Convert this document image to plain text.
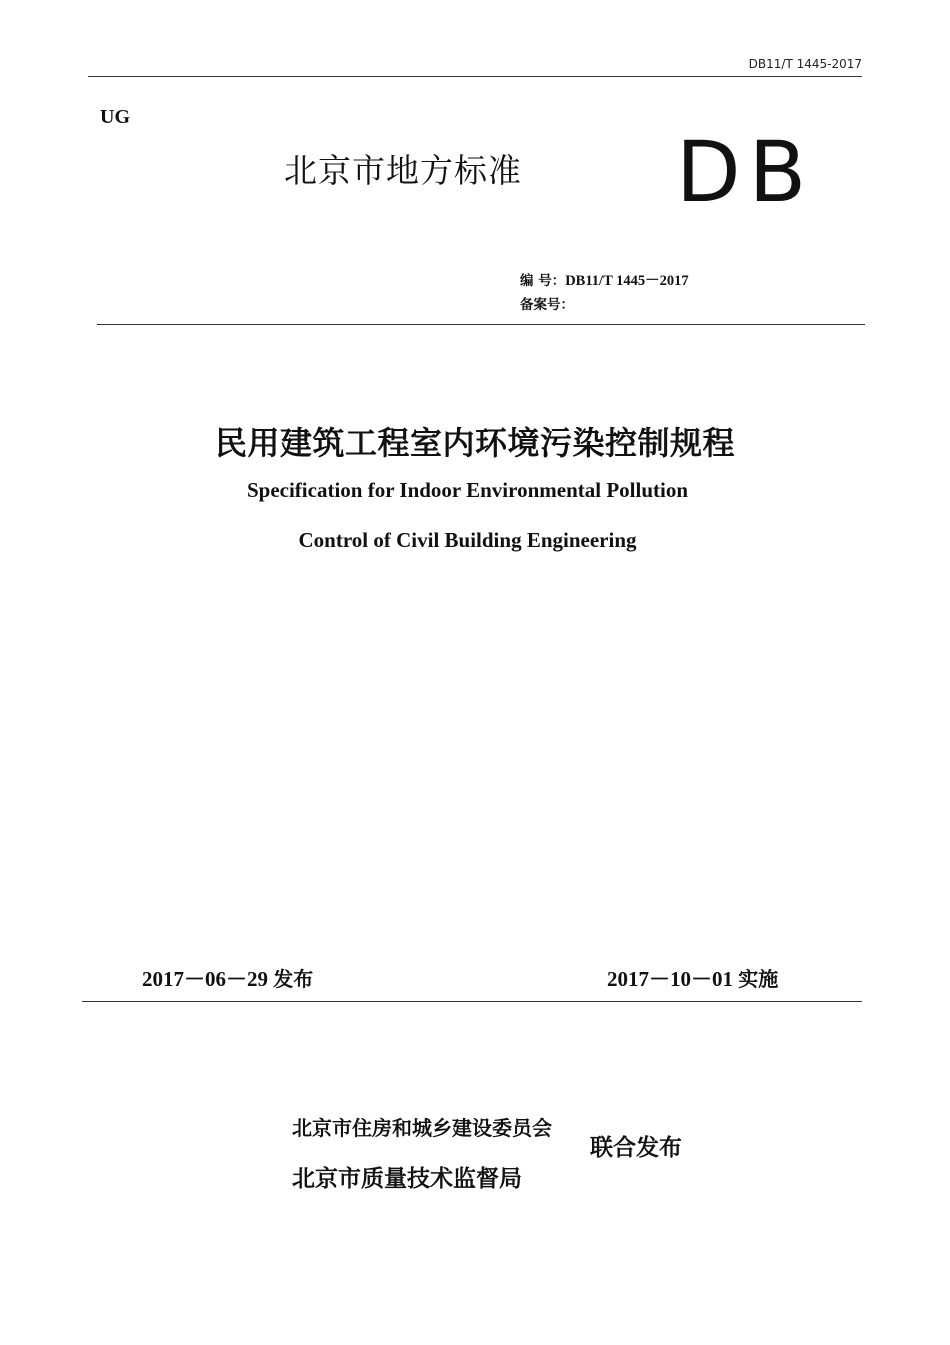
DB11/T 1445-2017
UG
北京市地方标准 DB
编 号：DB11/T 1445－2017
备案号：
民用建筑工程室内环境污染控制规程
Specification for Indoor Environmental Pollution
Control of Civil Building Engineering
2017－06－29 发布	2017－10－01 实施
北京市住房和城乡建设委员会
北京市质量技术监督局
联合发布
